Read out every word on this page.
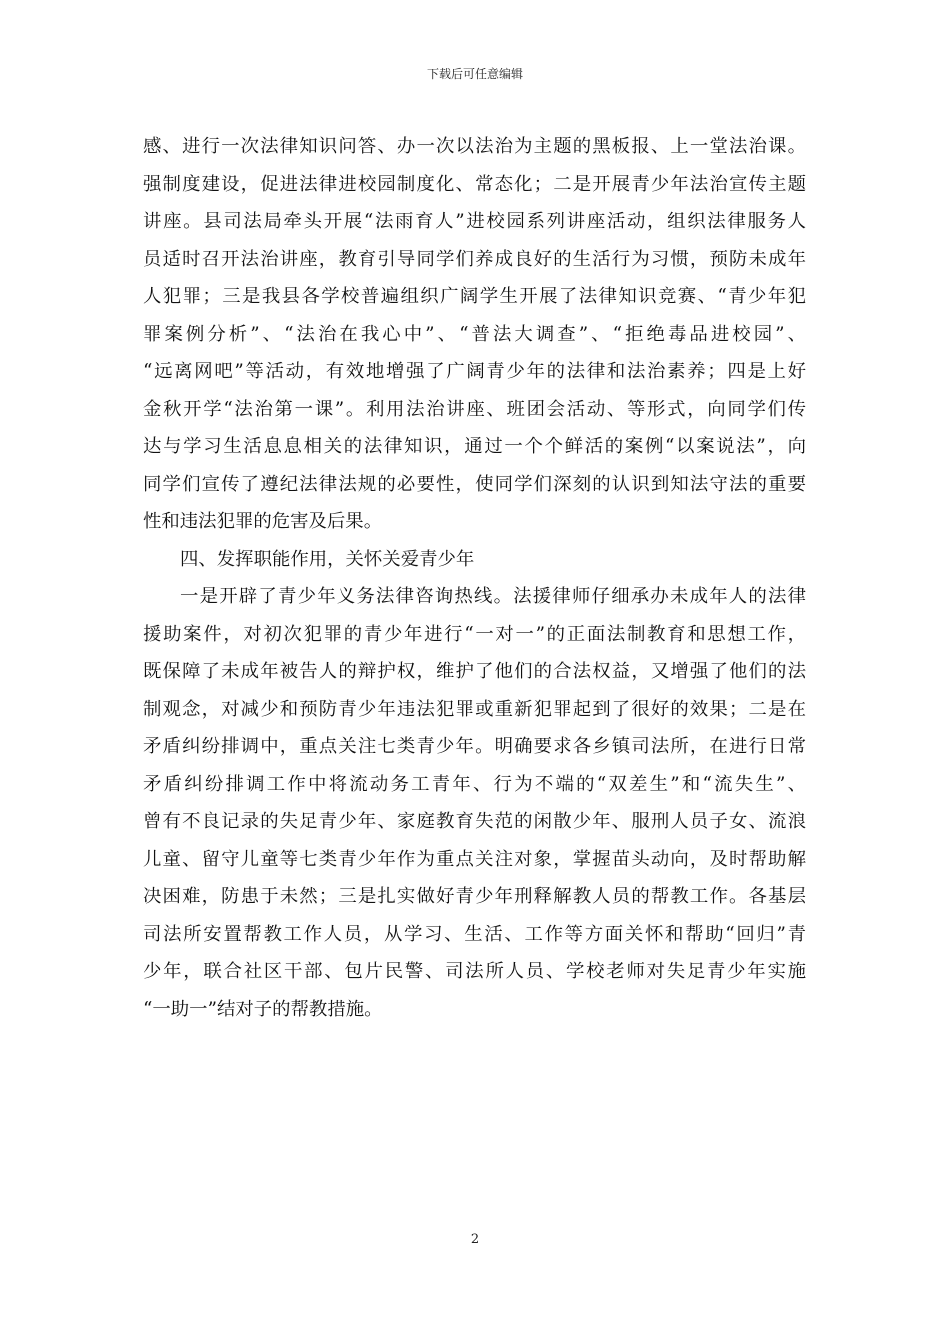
下载后可任意编辑
感、进行一次法律知识问答、办一次以法治为主题的黑板报、上一堂法治课。
强制度建设，促进法律进校园制度化、常态化；二是开展青少年法治宣传主题
讲座。县司法局牵头开展“法雨育人”进校园系列讲座活动，组织法律服务人
员适时召开法治讲座，教育引导同学们养成良好的生活行为习惯，预防未成年
人犯罪；三是我县各学校普遍组织广阔学生开展了法律知识竞赛、“青少年犯
罪案例分析”、“法治在我心中”、“普法大调查”、“拒绝毒品进校园”、
“远离网吧”等活动，有效地增强了广阔青少年的法律和法治素养；四是上好
金秋开学“法治第一课”。利用法治讲座、班团会活动、等形式，向同学们传
达与学习生活息息相关的法律知识，通过一个个鲜活的案例“以案说法”，向
同学们宣传了遵纪法律法规的必要性，使同学们深刻的认识到知法守法的重要
性和违法犯罪的危害及后果。
四、发挥职能作用，关怀关爱青少年
一是开辟了青少年义务法律咨询热线。法援律师仔细承办未成年人的法律
援助案件，对初次犯罪的青少年进行“一对一”的正面法制教育和思想工作，
既保障了未成年被告人的辩护权，维护了他们的合法权益，又增强了他们的法
制观念，对减少和预防青少年违法犯罪或重新犯罪起到了很好的效果；二是在
矛盾纠纷排调中，重点关注七类青少年。明确要求各乡镇司法所，在进行日常
矛盾纠纷排调工作中将流动务工青年、行为不端的“双差生”和“流失生”、
曾有不良记录的失足青少年、家庭教育失范的闲散少年、服刑人员子女、流浪
儿童、留守儿童等七类青少年作为重点关注对象，掌握苗头动向，及时帮助解
决困难，防患于未然；三是扎实做好青少年刑释解教人员的帮教工作。各基层
司法所安置帮教工作人员，从学习、生活、工作等方面关怀和帮助“回归”青
少年，联合社区干部、包片民警、司法所人员、学校老师对失足青少年实施
“一助一”结对子的帮教措施。
2
